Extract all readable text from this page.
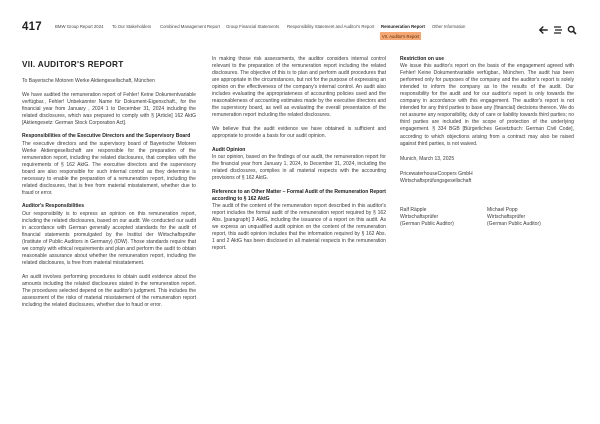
417	BMW Group Report 2024 To Our Stakeholders Combined Management Report Group Financial Statements Responsibility Statement and Auditor's Report Remuneration Report Other Information
VII. Auditor's Report
VII. AUDITOR'S REPORT

To Bayerische Motoren Werke Aktiengesellschaft, München

We have audited the remuneration report of Fehler! Keine Dokumentvariable verfügbar., Fehler! Unbekannter Name für Dokument-Eigenschaft., for the financial year from January , 2024 1 to December 31, 2024 including the related disclosures, which was prepared to comply with § [Article] 162 AktG [Aktiengesetz: German Stock Corporation Act].

Responsibilities of the Executive Directors and the Supervisory Board

The executive directors and the supervisory board of Bayerische Motoren Werke Aktiengesellschaft are responsible for the preparation of the remuneration report, including the related disclosures, that complies with the requirements of § 162 AktG. The executive directors and the supervisory board are also responsible for such internal control as they determine is necessary to enable the preparation of a remuneration report, including the related disclosures, that is free from material misstatement, whether due to fraud or error.

Auditor's Responsibilities

Our responsibility is to express an opinion on this remuneration report, including the related disclosures, based on our audit. We conducted our audit in accordance with German generally accepted standards for the audit of financial statements promulgated by the Institut der Wirtschaftsprüfer (Institute of Public Auditors in Germany) (IDW). Those standards require that we comply with ethical requirements and plan and perform the audit to obtain reasonable assurance about whether the remuneration report, including the related disclosures, is free from material misstatement.

An audit involves performing procedures to obtain audit evidence about the amounts including the related disclosures stated in the remuneration report. The procedures selected depend on the auditor's judgment. This includes the assessment of the risks of material misstatement of the remuneration report including the related disclosures, whether due to fraud or error.

In making those risk assessments, the auditor considers internal control relevant to the preparation of the remuneration report including the related disclosures. The objective of this is to plan and perform audit procedures that are appropriate in the circumstances, but not for the purpose of expressing an opinion on the effectiveness of the company's internal control. An audit also includes evaluating the appropriateness of accounting policies used and the reasonableness of accounting estimates made by the executive directors and the supervisory board, as well as evaluating the overall presentation of the remuneration report including the related disclosures.

We believe that the audit evidence we have obtained is sufficient and appropriate to provide a basis for our audit opinion.

Audit Opinion

In our opinion, based on the findings of our audit, the remuneration report for the financial year from January 1, 2024, to December 31, 2024, including the related disclosures, complies in all material respects with the accounting provisions of § 162 AktG.

Reference to an Other Matter – Formal Audit of the Remuneration Report according to § 162 AktG

The audit of the content of the remuneration report described in this auditor's report includes the formal audit of the remuneration report required by § 162 Abs. [paragraph] 3 AktG, including the issuance of a report on this audit. As we express an unqualified audit opinion on the content of the remuneration report, this audit opinion includes that the information required by § 162 Abs. 1 and 2 AktG has been disclosed in all material respects in the remuneration report.

Restriction on use

We issue this auditor's report on the basis of the engagement agreed with Fehler! Keine Dokumentvariable verfügbar., München. The audit has been performed only for purposes of the company and the auditor's report is solely intended to inform the company as to the results of the audit. Our responsibility for the audit and for our auditor's report is only towards the company in accordance with this engagement. The auditor's report is not intended for any third parties to base any (financial) decisions thereon. We do not assume any responsibility, duty of care or liability towards third parties; no third parties are included in the scope of protection of the underlying engagement. § 334 BGB [Bürgerliches Gesetzbuch: German Civil Code], according to which objections arising from a contract may also be raised against third parties, is not waived.

Munich, March 13, 2025

PricewaterhouseCoopers GmbH
Wirtschaftsprüfungsgesellschaft

Ralf Räpple
Wirtschaftsprüfer
(German Public Auditor)
Michael Popp
Wirtschaftsprüfer
(German Public Auditor)
